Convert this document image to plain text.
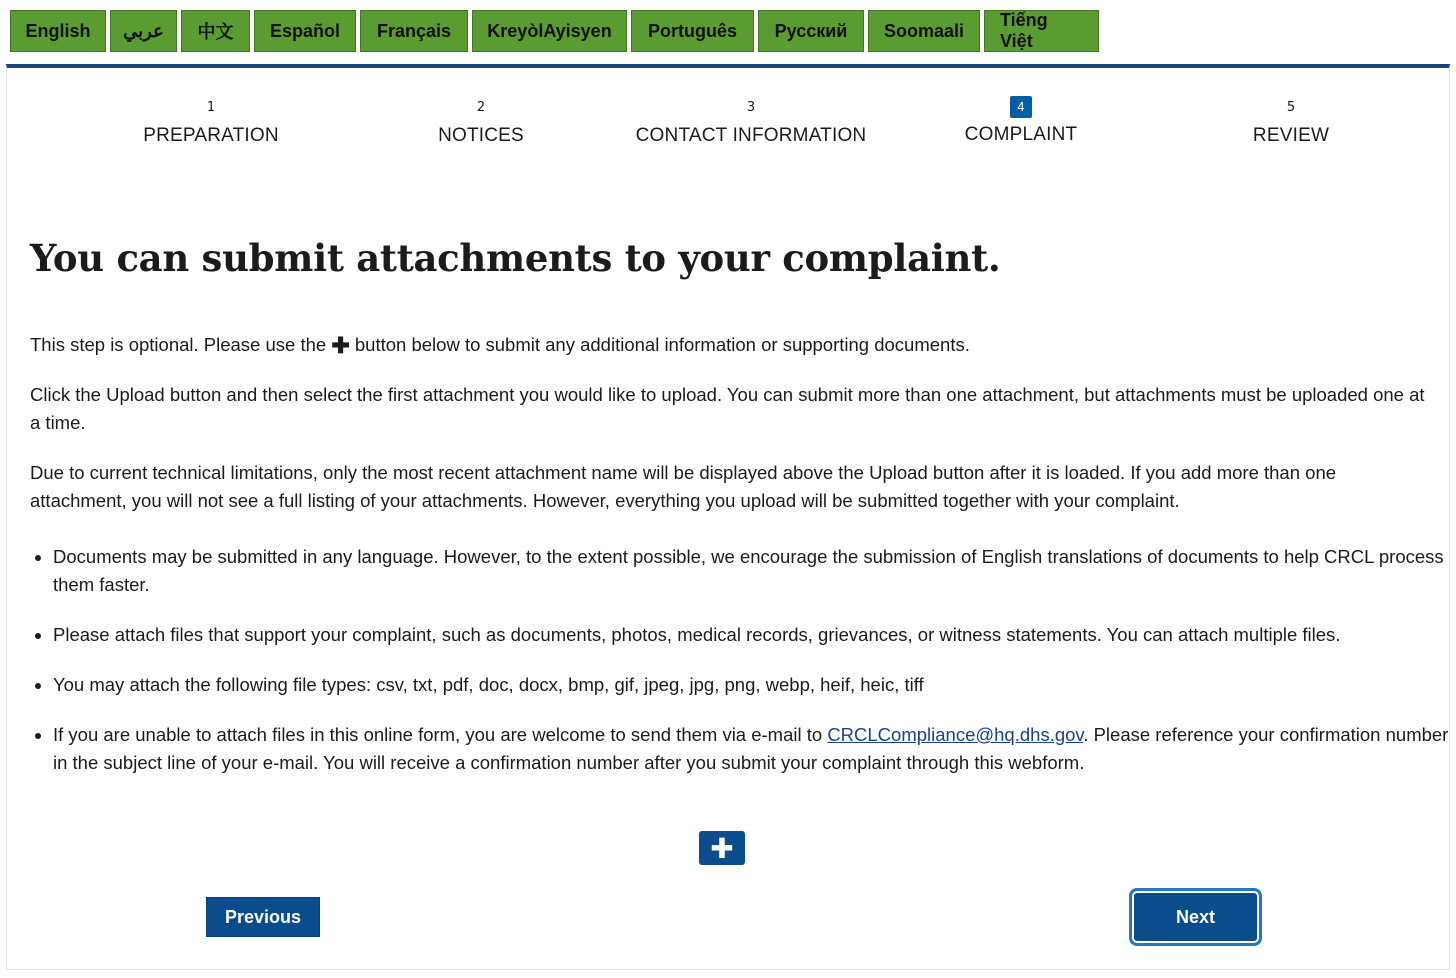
English	عربي	中文	Español	Français	KreyòlAyisyen	Português	Русский	Soomaali
Tiếng Việt
1
PREPARATION
2
NOTICES
3
CONTACT INFORMATION
4
COMPLAINT
5
REVIEW
You can submit attachments to your complaint.

This step is optional. Please use the ✚ button below to submit any additional information or supporting documents.

Click the Upload button and then select the first attachment you would like to upload. You can submit more than one attachment, but attachments must be uploaded one at a time.

Due to current technical limitations, only the most recent attachment name will be displayed above the Upload button after it is loaded. If you add more than one attachment, you will not see a full listing of your attachments. However, everything you upload will be submitted together with your complaint.

• Documents may be submitted in any language. However, to the extent possible, we encourage the submission of English translations of documents to help CRCL process them faster.
• Please attach files that support your complaint, such as documents, photos, medical records, grievances, or witness statements. You can attach multiple files.
• You may attach the following file types: csv, txt, pdf, doc, docx, bmp, gif, jpeg, jpg, png, webp, heif, heic, tiff
• If you are unable to attach files in this online form, you are welcome to send them via e-mail to CRCLCompliance@hq.dhs.gov. Please reference your confirmation number in the subject line of your e-mail. You will receive a confirmation number after you submit your complaint through this webform.
✚
Previous	Next
